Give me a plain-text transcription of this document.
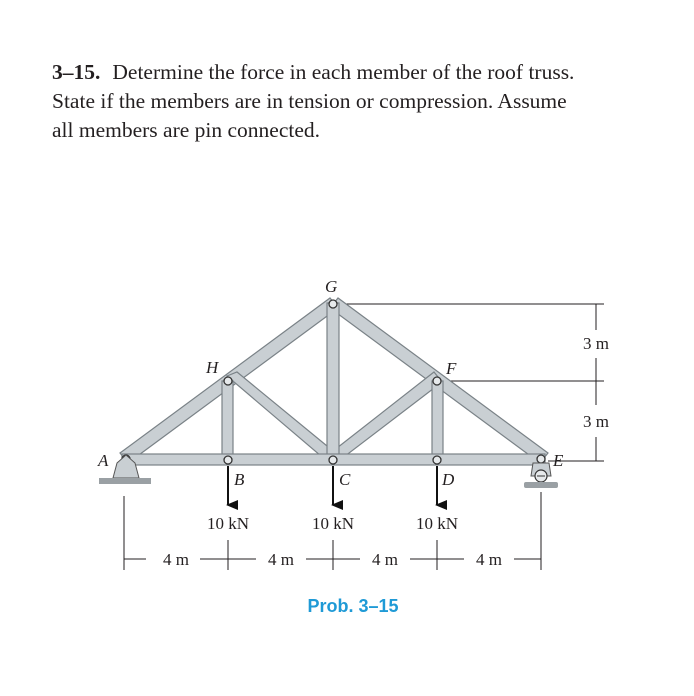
3–15. Determine the force in each member of the roof truss.
State if the members are in tension or compression. Assume
all members are pin connected.
10 kN	10 kN	10 kN
A
B	C	D
E
F
G
H
4 m	4 m	4 m	4 m
3 m
3 m
Prob. 3–15
